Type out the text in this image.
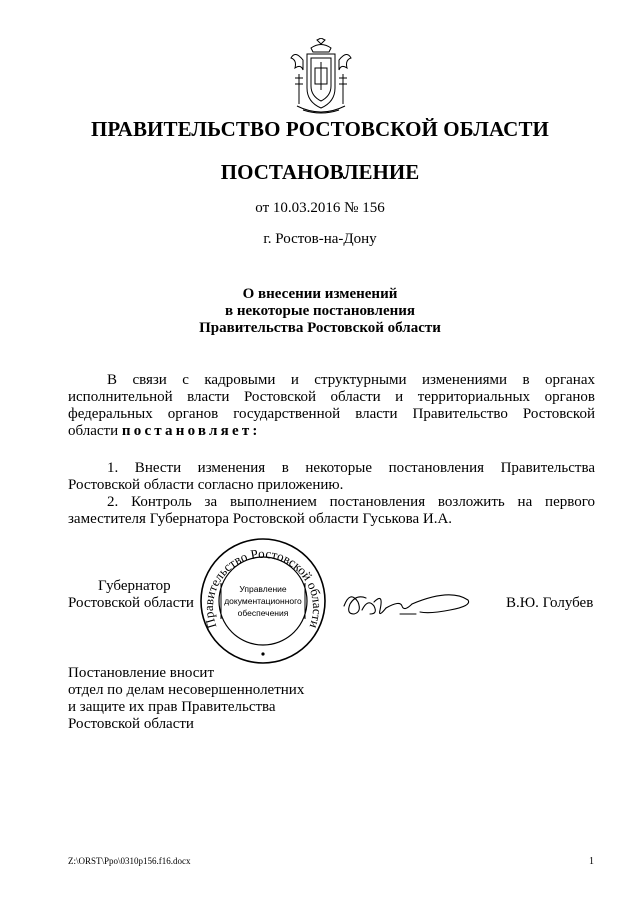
ПРАВИТЕЛЬСТВО РОСТОВСКОЙ ОБЛАСТИ
ПОСТАНОВЛЕНИЕ
от 10.03.2016 № 156
г. Ростов-на-Дону
О внесении изменений
в некоторые постановления
Правительства Ростовской области
В связи с кадровыми и структурными изменениями в органах
исполнительной власти Ростовской области и территориальных органов
федеральных органов государственной власти Правительство Ростовской
области постановляет:
1. Внести изменения в некоторые постановления Правительства
Ростовской области согласно приложению.
2. Контроль за выполнением постановления возложить на первого
заместителя Губернатора Ростовской области Гуськова И.А.
Губернатор
Ростовской области	В.Ю. Голубев
Правительство Ростовской области
Управление
документационного
обеспечения
Постановление вносит
отдел по делам несовершеннолетних
и защите их прав Правительства
Ростовской области
Z:\ORST\Ppo\0310p156.f16.docx	1
